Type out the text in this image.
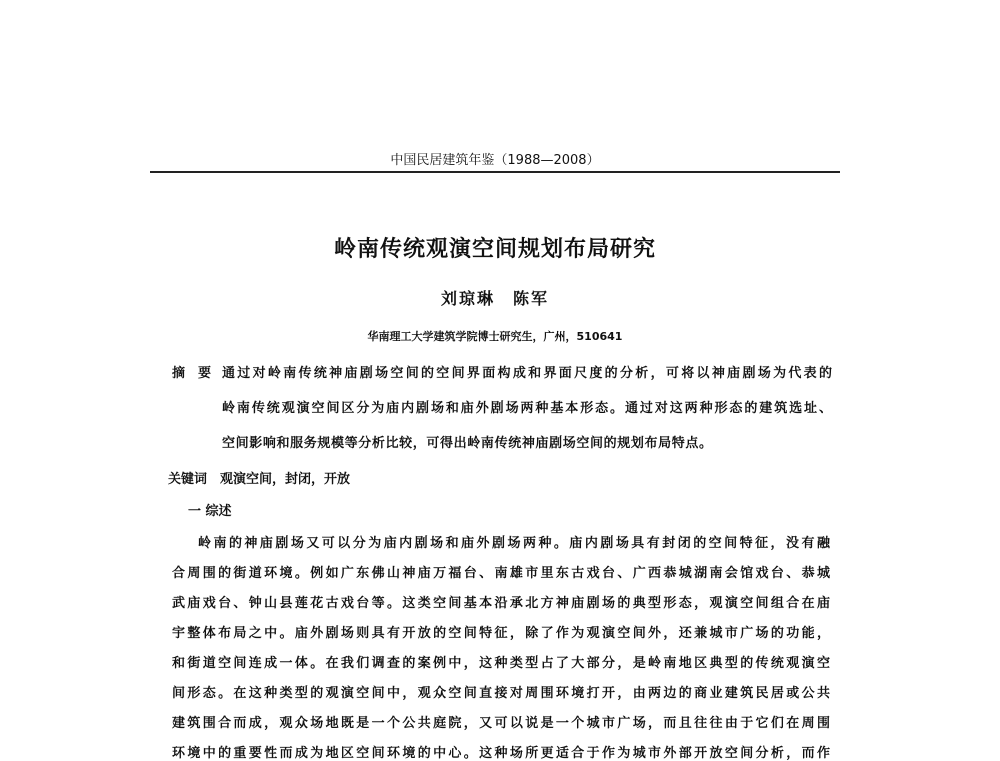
中国民居建筑年鉴（1988—2008）
岭南传统观演空间规划布局研究
刘琼琳　陈军
华南理工大学建筑学院博士研究生，广州，510641
摘　要 通过对岭南传统神庙剧场空间的空间界面构成和界面尺度的分析，可将以神庙剧场为代表的
岭南传统观演空间区分为庙内剧场和庙外剧场两种基本形态。通过对这两种形态的建筑选址、
空间影响和服务规模等分析比较，可得出岭南传统神庙剧场空间的规划布局特点。
关键词 观演空间，封闭，开放
一 综述
岭南的神庙剧场又可以分为庙内剧场和庙外剧场两种。庙内剧场具有封闭的空间特征，没有融
合周围的街道环境。例如广东佛山神庙万福台、南雄市里东古戏台、广西恭城湖南会馆戏台、恭城
武庙戏台、钟山县莲花古戏台等。这类空间基本沿承北方神庙剧场的典型形态，观演空间组合在庙
宇整体布局之中。庙外剧场则具有开放的空间特征，除了作为观演空间外，还兼城市广场的功能，
和街道空间连成一体。在我们调查的案例中，这种类型占了大部分，是岭南地区典型的传统观演空
间形态。在这种类型的观演空间中，观众空间直接对周围环境打开，由两边的商业建筑民居或公共
建筑围合而成，观众场地既是一个公共庭院，又可以说是一个城市广场，而且往往由于它们在周围
环境中的重要性而成为地区空间环境的中心。这种场所更适合于作为城市外部开放空间分析，而作
